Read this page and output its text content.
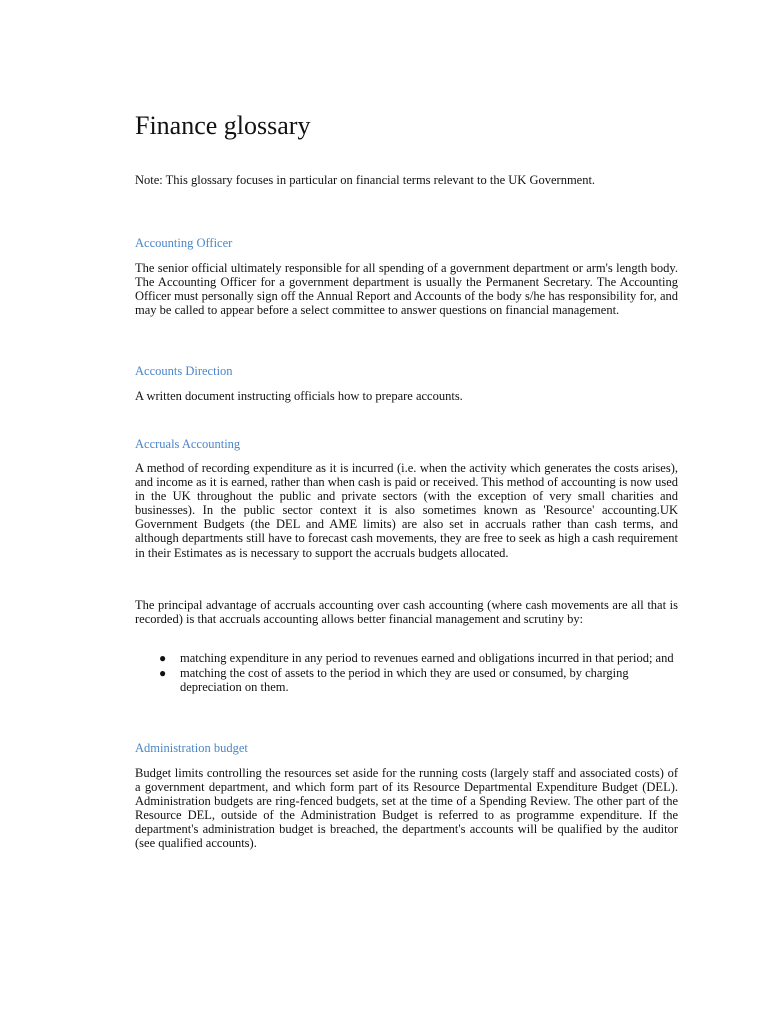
Finance glossary

Note: This glossary focuses in particular on financial terms relevant to the UK Government.

Accounting Officer

The senior official ultimately responsible for all spending of a government department or arm's length body. The Accounting Officer for a government department is usually the Permanent Secretary. The Accounting Officer must personally sign off the Annual Report and Accounts of the body s/he has responsibility for, and may be called to appear before a select committee to answer questions on financial management.

Accounts Direction

A written document instructing officials how to prepare accounts.

Accruals Accounting

A method of recording expenditure as it is incurred (i.e. when the activity which generates the costs arises), and income as it is earned, rather than when cash is paid or received. This method of accounting is now used in the UK throughout the public and private sectors (with the exception of very small charities and businesses). In the public sector context it is also sometimes known as 'Resource' accounting.UK Government Budgets (the DEL and AME limits) are also set in accruals rather than cash terms, and although departments still have to forecast cash movements, they are free to seek as high a cash requirement in their Estimates as is necessary to support the accruals budgets allocated.

The principal advantage of accruals accounting over cash accounting (where cash movements are all that is recorded) is that accruals accounting allows better financial management and scrutiny by:

● matching expenditure in any period to revenues earned and obligations incurred in that period; and
● matching the cost of assets to the period in which they are used or consumed, by charging depreciation on them.
Administration budget

Budget limits controlling the resources set aside for the running costs (largely staff and associated costs) of a government department, and which form part of its Resource Departmental Expenditure Budget (DEL). Administration budgets are ring-fenced budgets, set at the time of a Spending Review. The other part of the Resource DEL, outside of the Administration Budget is referred to as programme expenditure. If the department's administration budget is breached, the department's accounts will be qualified by the auditor (see qualified accounts).
